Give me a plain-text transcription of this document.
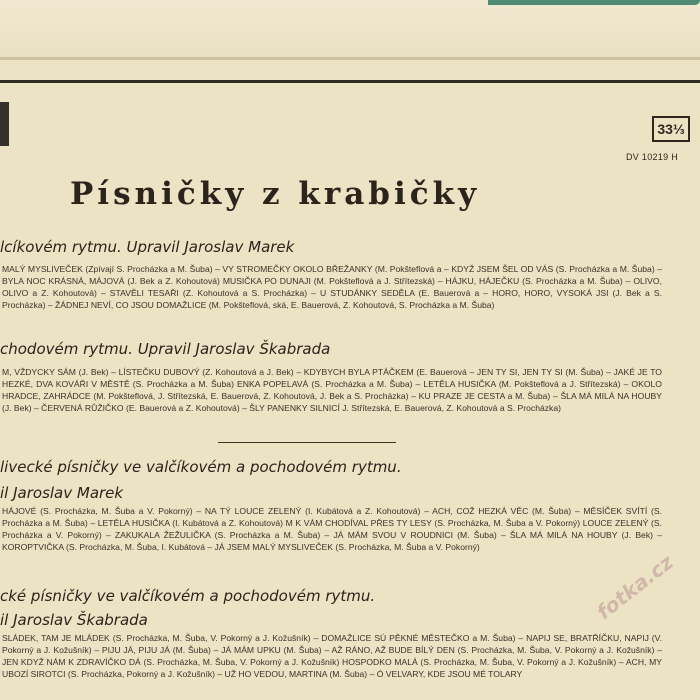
33⅓
DV 10219 H
Písničky z krabičky
lcíkovém rytmu. Upravil Jaroslav Marek

MALÝ MYSLIVEČEK (Zpívají S. Procházka a M. Šuba) – VY STROMEČKY OKOLO BŘEŽANKY (M. Pokšteflová a – KDYŽ JSEM ŠEL OD VÁS (S. Procházka a M. Šuba) – BYLA NOC KRÁSNÁ, MÁJOVÁ (J. Bek a Z. Kohoutová) MUSIČKA PO DUNAJI (M. Pokšteflová a J. Střítezská) – HÁJKU, HÁJEČKU (S. Procházka a M. Šuba) – OLIVO, OLIVO a Z. Kohoutová) – STAVĚLI TESAŘI (Z. Kohoutová a S. Procházka) – U STUDÁNKY SEDĚLA (E. Bauerová a – HORO, HORO, VYSOKÁ JSI (J. Bek a S. Procházka) – ŽÁDNEJ NEVÍ, CO JSOU DOMAŽLICE (M. Pokšteflová, ská, E. Bauerová, Z. Kohoutová, S. Procházka a M. Šuba)

chodovém rytmu. Upravil Jaroslav Škabrada

M, VŽDYCKY SÁM (J. Bek) – LÍSTEČKU DUBOVÝ (Z. Kohoutová a J. Bek) – KDYBYCH BYLA PTÁČKEM (E. Bauerová – JEN TY SI, JEN TY SI (M. Šuba) – JAKÉ JE TO HEZKÉ, DVA KOVÁŘI V MĚSTĚ (S. Procházka a M. Šuba) ENKA POPELAVÁ (S. Procházka a M. Šuba) – LETĚLA HUSIČKA (M. Pokšteflová a J. Střítezská) – OKOLO HRADCE, ZAHRÁDCE (M. Pokšteflová, J. Střítezská, E. Bauerová, Z. Kohoutová, J. Bek a S. Procházka) – KU PRAZE JE CESTA a M. Šuba) – ŠLA MÁ MILÁ NA HOUBY (J. Bek) – ČERVENÁ RŮŽIČKO (E. Bauerová a Z. Kohoutová) – ŠLY PANENKY SILNICÍ J. Střítezská, E. Bauerová, Z. Kohoutová a S. Procházka)

livecké písničky ve valčíkovém a pochodovém rytmu.
il Jaroslav Marek

HÁJOVÉ (S. Procházka, M. Šuba a V. Pokorný) – NA TÝ LOUCE ZELENÝ (I. Kubátová a Z. Kohoutová) – ACH, COŽ HEZKÁ VĚC (M. Šuba) – MĚSÍČEK SVÍTÍ (S. Procházka a M. Šuba) – LETĚLA HUSIČKA (I. Kubátová a Z. Kohoutová) M K VÁM CHODÍVAL PŘES TY LESY (S. Procházka, M. Šuba a V. Pokorný) LOUCE ZELENÝ (S. Procházka a V. Pokorný) – ZAKUKALA ŽEŽULIČKA (S. Procházka a M. Šuba) – JÁ MÁM SVOU V ROUDNICI (M. Šuba) – ŠLA MÁ MILÁ NA HOUBY (J. Bek) – KOROPTVIČKA (S. Procházka, M. Šuba, I. Kubátová – JÁ JSEM MALÝ MYSLIVEČEK (S. Procházka, M. Šuba a V. Pokorný)

cké písničky ve valčíkovém a pochodovém rytmu.
il Jaroslav Škabrada

SLÁDEK, TAM JE MLÁDEK (S. Procházka, M. Šuba, V. Pokorný a J. Kožušník) – DOMAŽLICE SÚ PĚKNÉ MĚSTEČKO a M. Šuba) – NAPIJ SE, BRATŘÍČKU, NAPIJ (V. Pokorný a J. Kožušník) – PIJU JÁ, PIJU JÁ (M. Šuba) – JÁ MÁM UPKU (M. Šuba) – AŽ RÁNO, AŽ BUDE BÍLÝ DEN (S. Procházka, M. Šuba, V. Pokorný a J. Kožušník) – JEN KDYŽ NÁM K ZDRAVÍČKO DÁ (S. Procházka, M. Šuba, V. Pokorný a J. Kožušník) HOSPODKO MALÁ (S. Procházka, M. Šuba, V. Pokorný a J. Kožušník) – ACH, MY UBOZÍ SIROTCI (S. Procházka, Pokorný a J. Kožušník) – UŽ HO VEDOU, MARTINA (M. Šuba) – Ó VELVARY, KDE JSOU MÉ TOLARY

fotka.cz
